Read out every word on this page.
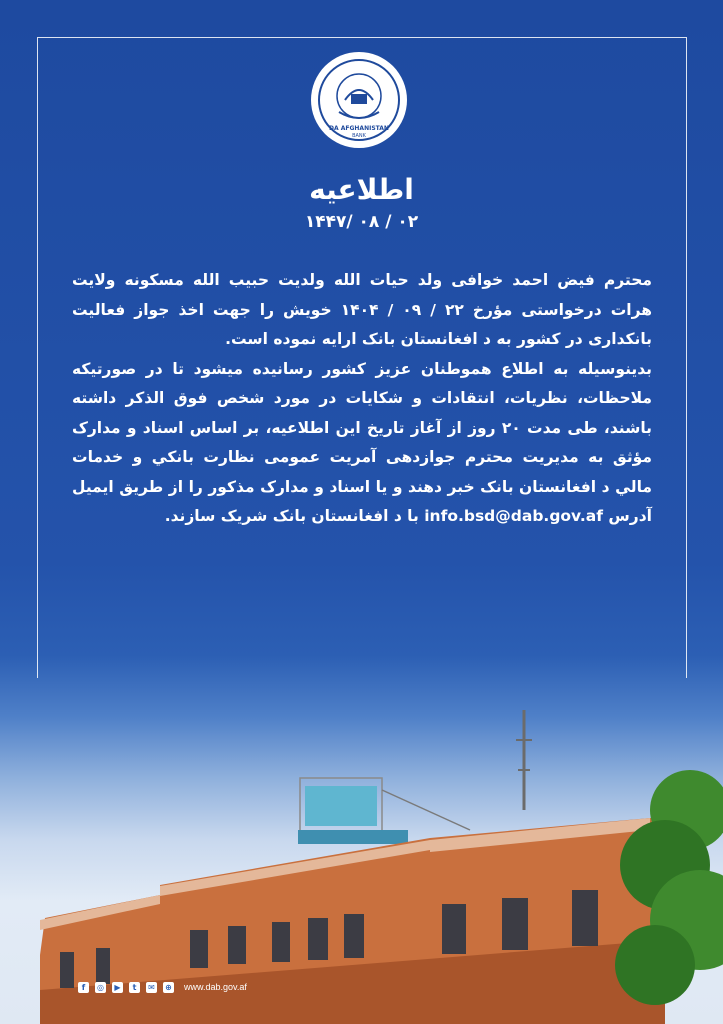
DA AFGHANISTAN
BANK
اطلاعیه
۱۴۴۷/ ۰۸ / ۰۲

محترم فیض احمد خوافی ولد حیات الله ولدیت حبیب الله مسکونه ولایت هرات درخواستی مؤرخ ۲۲ / ۰۹ / ۱۴۰۴ خویش را جهت اخذ جواز فعالیت بانکداری در کشور به د افغانستان بانک ارایه نموده است.

بدینوسیله به اطلاع هموطنان عزیز کشور رسانیده میشود تا در صورتیکه ملاحظات، نظریات، انتقادات و شکایات در مورد شخص فوق الذکر داشته باشند، طی مدت ۲۰ روز از آغاز تاریخ این اطلاعیه، بر اساس اسناد و مدارک مؤثق به مدیریت محترم جوازدهی آمریت عمومی نظارت بانکي و خدمات مالي د افغانستان بانک خبر دهند و یا اسناد و مدارک مذکور را از طریق ایمیل آدرس info.bsd@dab.gov.af با د افغانستان بانک شریک سازند.

f	◎	▶	t	✉ ⊕ www.dab.gov.af
